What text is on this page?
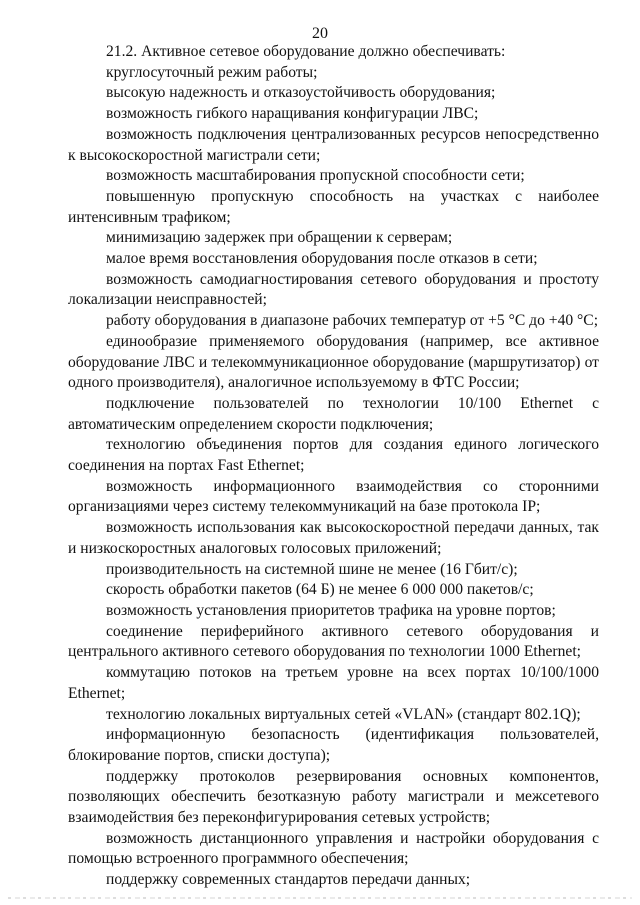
20

21.2. Активное сетевое оборудование должно обеспечивать:

круглосуточный режим работы;

высокую надежность и отказоустойчивость оборудования;

возможность гибкого наращивания конфигурации ЛВС;

возможность подключения централизованных ресурсов непосредственно к высокоскоростной магистрали сети;

возможность масштабирования пропускной способности сети;

повышенную пропускную способность на участках с наиболее интенсивным трафиком;

минимизацию задержек при обращении к серверам;

малое время восстановления оборудования после отказов в сети;

возможность самодиагностирования сетевого оборудования и простоту локализации неисправностей;

работу оборудования в диапазоне рабочих температур от +5 °С до +40 °С;

единообразие применяемого оборудования (например, все активное оборудование ЛВС и телекоммуникационное оборудование (маршрутизатор) от одного производителя), аналогичное используемому в ФТС России;

подключение пользователей по технологии 10/100 Ethernet с автоматическим определением скорости подключения;

технологию объединения портов для создания единого логического соединения на портах Fast Ethernet;

возможность информационного взаимодействия со сторонними организациями через систему телекоммуникаций на базе протокола IP;

возможность использования как высокоскоростной передачи данных, так и низкоскоростных аналоговых голосовых приложений;

производительность на системной шине не менее (16 Гбит/с);

скорость обработки пакетов (64 Б) не менее 6 000 000 пакетов/с;

возможность установления приоритетов трафика на уровне портов;

соединение периферийного активного сетевого оборудования и центрального активного сетевого оборудования по технологии 1000 Ethernet;

коммутацию потоков на третьем уровне на всех портах 10/100/1000 Ethernet;

технологию локальных виртуальных сетей «VLAN» (стандарт 802.1Q);

информационную безопасность (идентификация пользователей, блокирование портов, списки доступа);

поддержку протоколов резервирования основных компонентов, позволяющих обеспечить безотказную работу магистрали и межсетевого взаимодействия без переконфигурирования сетевых устройств;

возможность дистанционного управления и настройки оборудования с помощью встроенного программного обеспечения;

поддержку современных стандартов передачи данных;
